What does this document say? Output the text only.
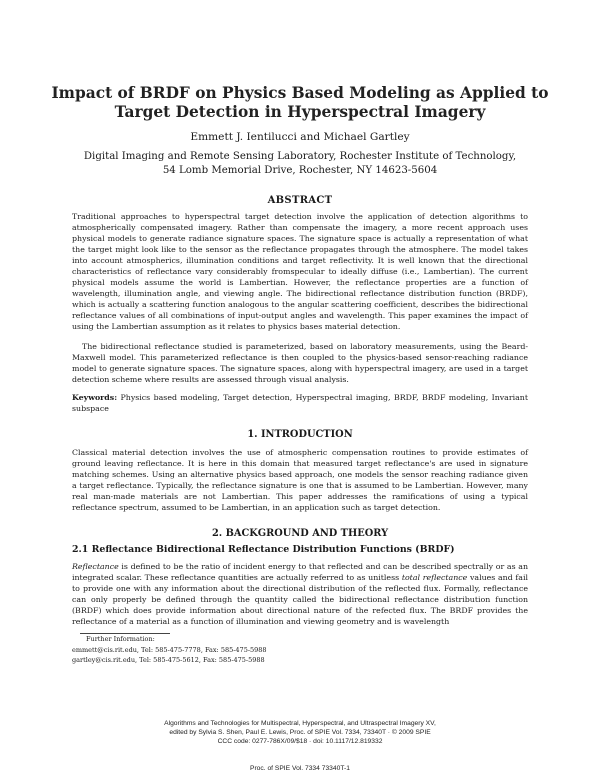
Impact of BRDF on Physics Based Modeling as Applied to
Target Detection in Hyperspectral Imagery
Emmett J. Ientilucci and Michael Gartley
Digital Imaging and Remote Sensing Laboratory, Rochester Institute of Technology,
54 Lomb Memorial Drive, Rochester, NY 14623-5604
ABSTRACT

Traditional approaches to hyperspectral target detection involve the application of detection algorithms to atmospherically compensated imagery. Rather than compensate the imagery, a more recent approach uses physical models to generate radiance signature spaces. The signature space is actually a representation of what the target might look like to the sensor as the reflectance propagates through the atmosphere. The model takes into account atmospherics, illumination conditions and target reflectivity. It is well known that the directional characteristics of reflectance vary considerably fromspecular to ideally diffuse (i.e., Lambertian). The current physical models assume the world is Lambertian. However, the reflectance properties are a function of wavelength, illumination angle, and viewing angle. The bidirectional reflectance distribution function (BRDF), which is actually a scattering function analogous to the angular scattering coefficient, describes the bidirectional reflectance values of all combinations of input-output angles and wavelength. This paper examines the impact of using the Lambertian assumption as it relates to physics bases material detection.

The bidirectional reflectance studied is parameterized, based on laboratory measurements, using the Beard-Maxwell model. This parameterized reflectance is then coupled to the physics-based sensor-reaching radiance model to generate signature spaces. The signature spaces, along with hyperspectral imagery, are used in a target detection scheme where results are assessed through visual analysis.

Keywords: Physics based modeling, Target detection, Hyperspectral imaging, BRDF, BRDF modeling, Invariant subspace

1. INTRODUCTION

Classical material detection involves the use of atmospheric compensation routines to provide estimates of ground leaving reflectance. It is here in this domain that measured target reflectance's are used in signature matching schemes. Using an alternative physics based approach, one models the sensor reaching radiance given a target reflectance. Typically, the reflectance signature is one that is assumed to be Lambertian. However, many real man-made materials are not Lambertian. This paper addresses the ramifications of using a typical reflectance spectrum, assumed to be Lambertian, in an application such as target detection.

2. BACKGROUND AND THEORY
2.1 Reflectance Bidirectional Reflectance Distribution Functions (BRDF)

Reflectance is defined to be the ratio of incident energy to that reflected and can be described spectrally or as an integrated scalar. These reflectance quantities are actually referred to as unitless total reflectance values and fail to provide one with any information about the directional distribution of the reflected flux. Formally, reflectance can only properly be defined through the quantity called the bidirectional reflectance distribution function (BRDF) which does provide information about directional nature of the refected flux. The BRDF provides the reflectance of a material as a function of illumination and viewing geometry and is wavelength

Further Information:
emmett@cis.rit.edu, Tel: 585-475-7778, Fax: 585-475-5988
gartley@cis.rit.edu, Tel: 585-475-5612, Fax: 585-475-5988
Algorithms and Technologies for Multispectral, Hyperspectral, and Ultraspectral Imagery XV,
edited by Sylvia S. Shen, Paul E. Lewis, Proc. of SPIE Vol. 7334, 73340T · © 2009 SPIE
CCC code: 0277-786X/09/$18 · doi: 10.1117/12.819332
Proc. of SPIE Vol. 7334 73340T-1
